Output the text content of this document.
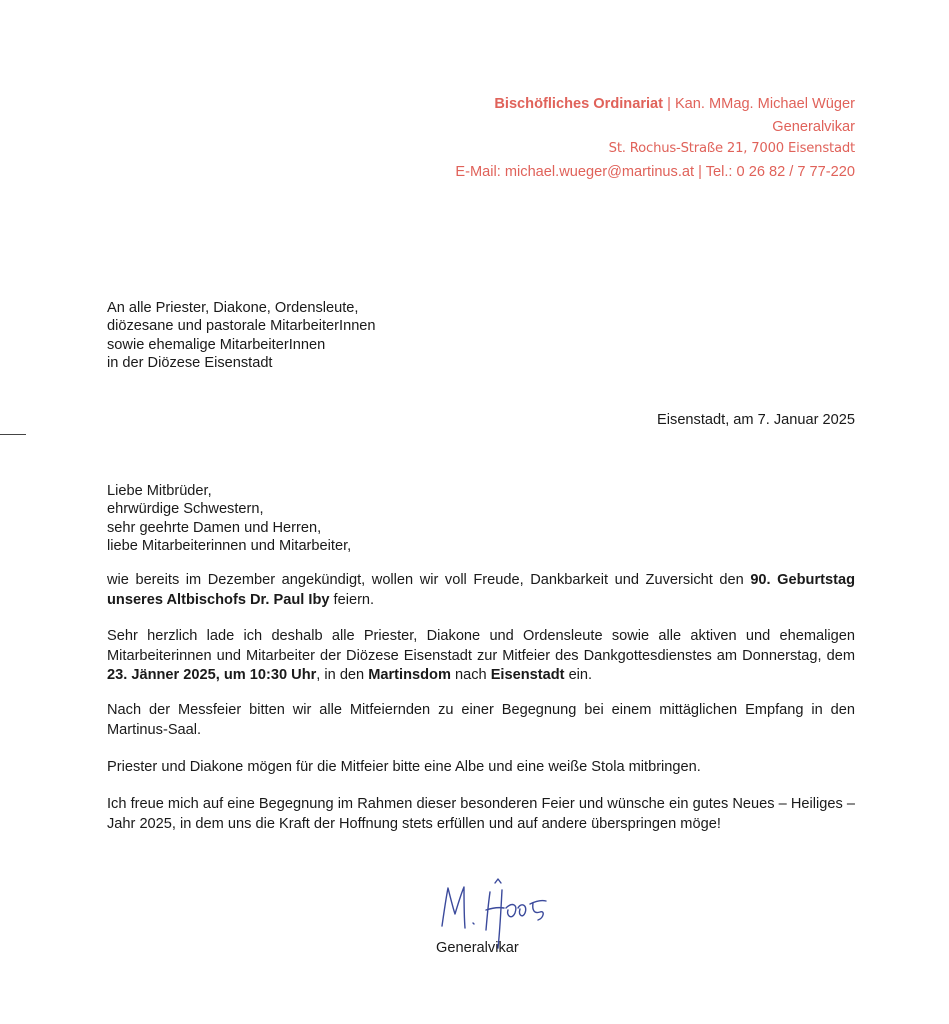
Bischöfliches Ordinariat | Kan. MMag. Michael Wüger
Generalvikar
St. Rochus-Straße 21, 7000 Eisenstadt
E-Mail: michael.wueger@martinus.at | Tel.: 0 26 82 / 7 77-220
An alle Priester, Diakone, Ordensleute,
diözesane und pastorale MitarbeiterInnen
sowie ehemalige MitarbeiterInnen
in der Diözese Eisenstadt
Eisenstadt, am 7. Januar 2025
Liebe Mitbrüder,
ehrwürdige Schwestern,
sehr geehrte Damen und Herren,
liebe Mitarbeiterinnen und Mitarbeiter,

wie bereits im Dezember angekündigt, wollen wir voll Freude, Dankbarkeit und Zuversicht den 90. Geburtstag unseres Altbischofs Dr. Paul Iby feiern.

Sehr herzlich lade ich deshalb alle Priester, Diakone und Ordensleute sowie alle aktiven und ehemaligen Mitarbeiterinnen und Mitarbeiter der Diözese Eisenstadt zur Mitfeier des Dankgottesdienstes am Donnerstag, dem 23. Jänner 2025, um 10:30 Uhr, in den Martinsdom nach Eisenstadt ein.

Nach der Messfeier bitten wir alle Mitfeiernden zu einer Begegnung bei einem mittäglichen Empfang in den Martinus-Saal.

Priester und Diakone mögen für die Mitfeier bitte eine Albe und eine weiße Stola mitbringen.

Ich freue mich auf eine Begegnung im Rahmen dieser besonderen Feier und wünsche ein gutes Neues – Heiliges – Jahr 2025, in dem uns die Kraft der Hoffnung stets erfüllen und auf andere überspringen möge!

Generalvikar
